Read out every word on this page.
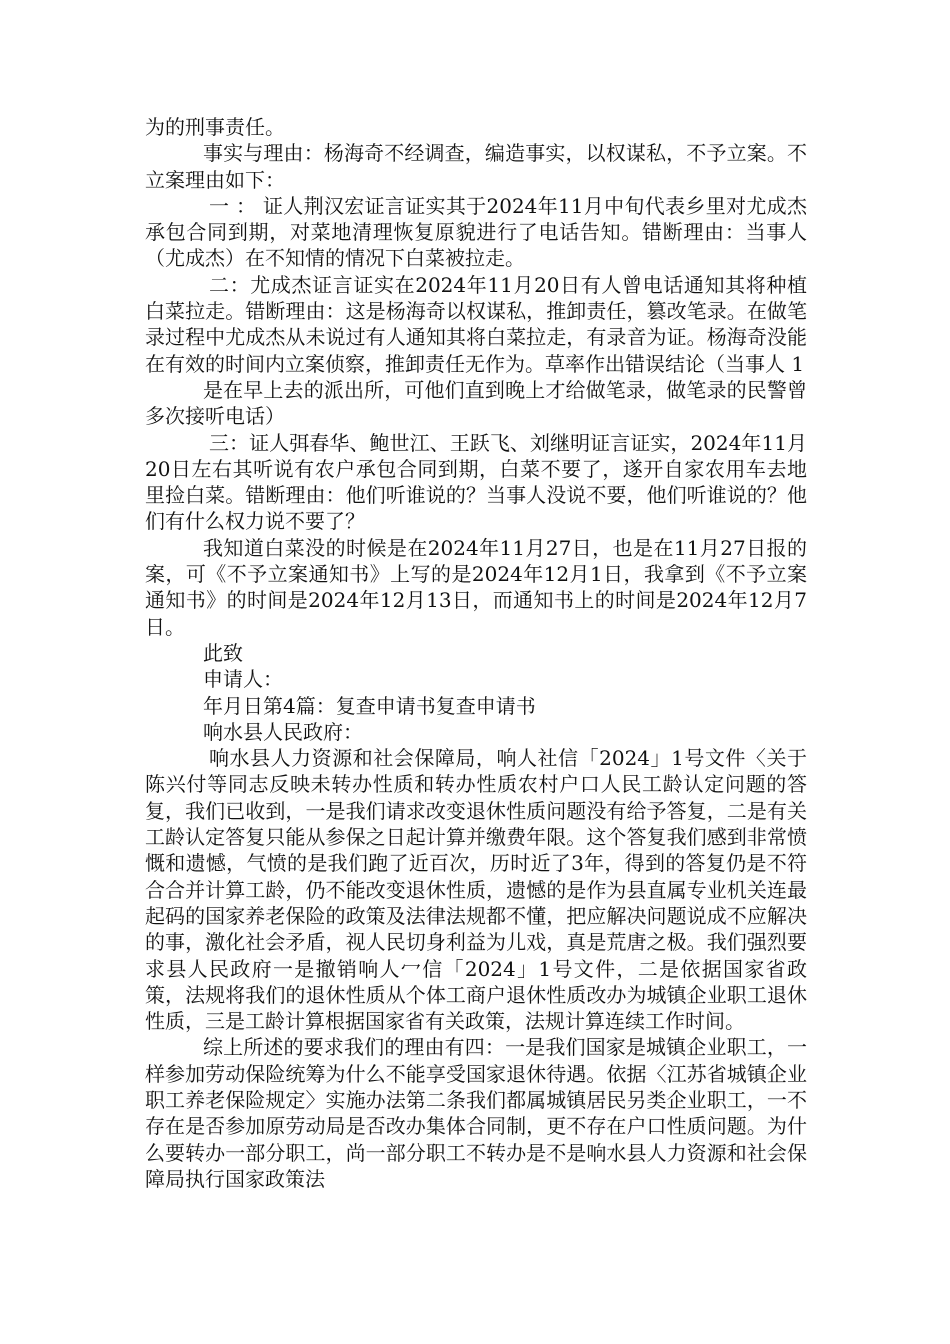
为的刑事责任。

事实与理由：杨海奇不经调查，编造事实，以权谋私，不予立案。不立案理由如下：

一 ： 证人荆汉宏证言证实其于2024年11月中旬代表乡里对尤成杰承包合同到期，对菜地清理恢复原貌进行了电话告知。错断理由：当事人（尤成杰）在不知情的情况下白菜被拉走。

二：尤成杰证言证实在2024年11月20日有人曾电话通知其将种植白菜拉走。错断理由：这是杨海奇以权谋私，推卸责任，篡改笔录。在做笔录过程中尤成杰从未说过有人通知其将白菜拉走，有录音为证。杨海奇没能在有效的时间内立案侦察，推卸责任无作为。草率作出错误结论（当事人 1

是在早上去的派出所，可他们直到晚上才给做笔录，做笔录的民警曾多次接听电话）

三：证人弭春华、鲍世江、王跃飞、刘继明证言证实，2024年11月20日左右其听说有农户承包合同到期，白菜不要了，遂开自家农用车去地里捡白菜。错断理由：他们听谁说的？当事人没说不要，他们听谁说的？他们有什么权力说不要了？

我知道白菜没的时候是在2024年11月27日，也是在11月27日报的案，可《不予立案通知书》上写的是2024年12月1日，我拿到《不予立案通知书》的时间是2024年12月13日，而通知书上的时间是2024年12月7日。

此致

申请人：

年月日第4篇：复查申请书复查申请书

响水县人民政府：

响水县人力资源和社会保障局，响人社信「2024」1号文件〈关于陈兴付等同志反映未转办性质和转办性质农村户口人民工龄认定问题的答复，我们已收到，一是我们请求改变退休性质问题没有给予答复，二是有关工龄认定答复只能从参保之日起计算并缴费年限。这个答复我们感到非常愤慨和遗憾，气愤的是我们跑了近百次，历时近了3年，得到的答复仍是不符合合并计算工龄，仍不能改变退休性质，遗憾的是作为县直属专业机关连最起码的国家养老保险的政策及法律法规都不懂，把应解决问题说成不应解决的事，激化社会矛盾，视人民切身利益为儿戏，真是荒唐之极。我们强烈要求县人民政府一是撤销响人冖信「2024」1号文件，二是依据国家省政策，法规将我们的退休性质从个体工商户退休性质改办为城镇企业职工退休性质，三是工龄计算根据国家省有关政策，法规计算连续工作时间。

综上所述的要求我们的理由有四：一是我们国家是城镇企业职工，一样参加劳动保险统筹为什么不能享受国家退休待遇。依据〈江苏省城镇企业职工养老保险规定〉实施办法第二条我们都属城镇居民另类企业职工，一不存在是否参加原劳动局是否改办集体合同制，更不存在户口性质问题。为什么要转办一部分职工，尚一部分职工不转办是不是响水县人力资源和社会保障局执行国家政策法
